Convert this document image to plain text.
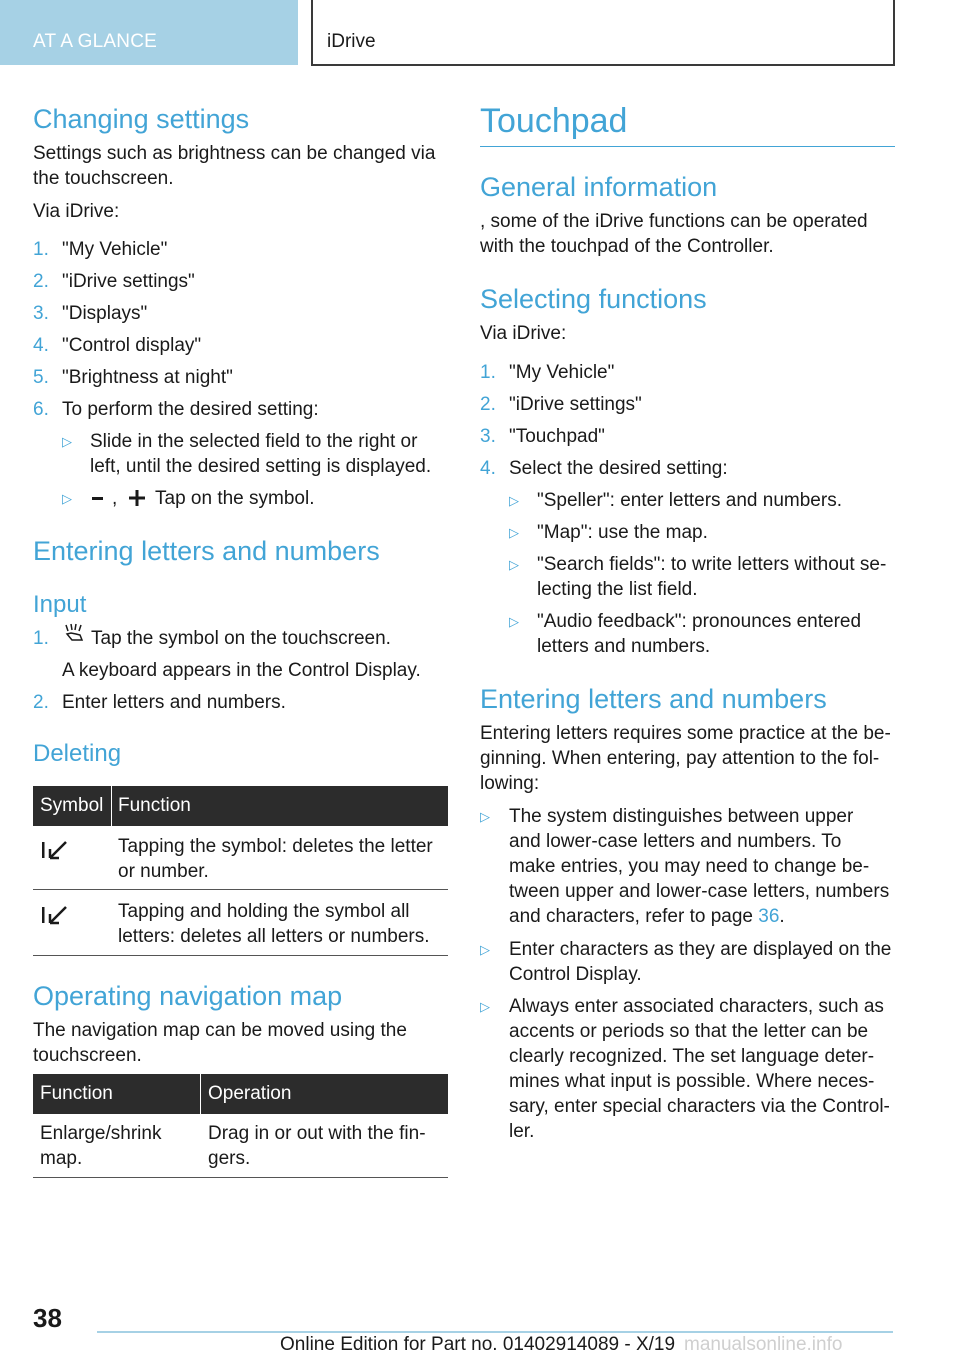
AT A GLANCE	iDrive
Changing settings
Settings such as brightness can be changed via
the touchscreen.
Via iDrive:
1. "My Vehicle"
2. "iDrive settings"
3. "Displays"
4. "Control display"
5. "Brightness at night"
6. To perform the desired setting:
▷ Slide in the selected field to the right or
left, until the desired setting is displayed.
▷ , Tap on the symbol.
Entering letters and numbers
Input
1. Tap the symbol on the touchscreen.
A keyboard appears in the Control Display.
2. Enter letters and numbers.
Deleting
Symbol Function
Tapping the symbol: deletes the letter
or number.
Tapping and holding the symbol all
letters: deletes all letters or numbers.
Operating navigation map
The navigation map can be moved using the
touchscreen.
Function	Operation
Enlarge/shrink
map.
Drag in or out with the fin-
gers.
Touchpad
General information
, some of the iDrive functions can be operated
with the touchpad of the Controller.
Selecting functions
Via iDrive:
1. "My Vehicle"
2. "iDrive settings"
3. "Touchpad"
4. Select the desired setting:
▷ "Speller": enter letters and numbers.
▷ "Map": use the map.
▷ "Search fields": to write letters without se-
lecting the list field.
▷ "Audio feedback": pronounces entered
letters and numbers.
Entering letters and numbers
Entering letters requires some practice at the be-
ginning. When entering, pay attention to the fol-
lowing:
▷ The system distinguishes between upper
and lower-case letters and numbers. To
make entries, you may need to change be-
tween upper and lower-case letters, numbers
and characters, refer to page 36.
▷ Enter characters as they are displayed on the
Control Display.
▷ Always enter associated characters, such as
accents or periods so that the letter can be
clearly recognized. The set language deter-
mines what input is possible. Where neces-
sary, enter special characters via the Control-
ler.
38
Online Edition for Part no. 01402914089 - X/19 manualsonline.info
